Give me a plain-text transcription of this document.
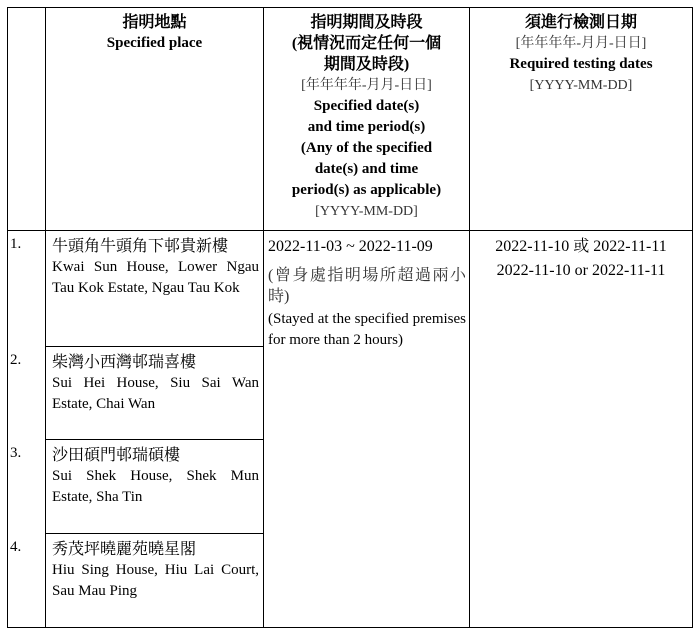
指明地點
Specified place
指明期間及時段
(視情況而定任何一個
期間及時段)
[年年年年-月月-日日]
Specified date(s)
and time period(s)
(Any of the specified
date(s) and time
period(s) as applicable)
[YYYY-MM-DD]
須進行檢測日期
[年年年年-月月-日日]
Required testing dates
[YYYY-MM-DD]
1.
2.
3.
4.
牛頭角牛頭角下邨貴新樓
Kwai Sun House, Lower Ngau Tau Kok Estate, Ngau Tau Kok
柴灣小西灣邨瑞喜樓
Sui Hei House, Siu Sai Wan Estate, Chai Wan
沙田碩門邨瑞碩樓
Sui Shek House, Shek Mun Estate, Sha Tin
秀茂坪曉麗苑曉星閣
Hiu Sing House, Hiu Lai Court, Sau Mau Ping
2022-11-03 ~ 2022-11-09
(曾身處指明場所超過兩小時)
(Stayed at the specified premises for more than 2 hours)
2022-11-10 或 2022-11-11
2022-11-10 or 2022-11-11
